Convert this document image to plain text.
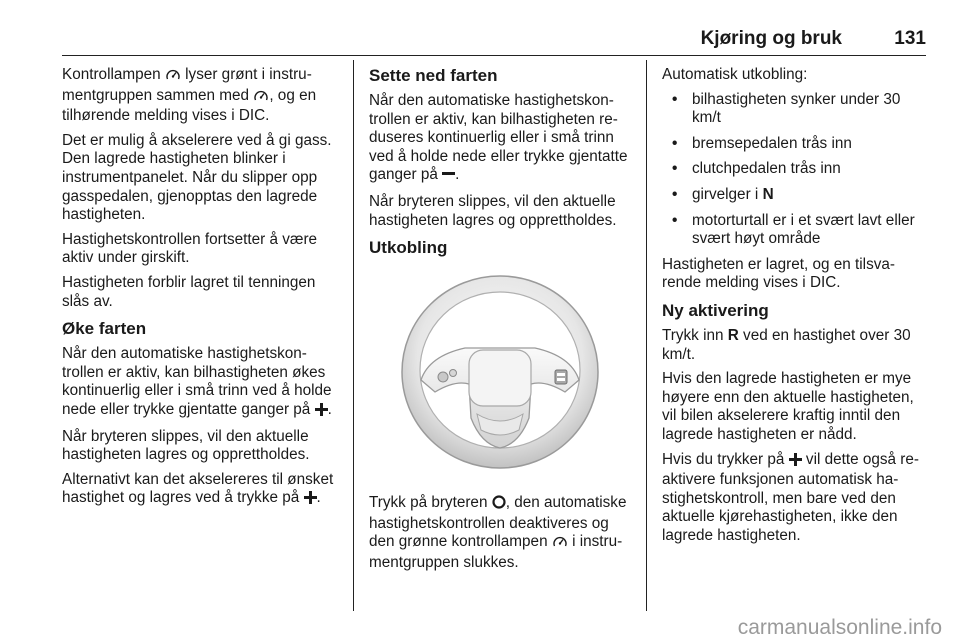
Kjøring og bruk	131

Kontrollampen  lyser grønt i instrumentgruppen sammen med , og en tilhørende melding vises i DIC.

Det er mulig å akselerere ved å gi gass. Den lagrede hastigheten blinker i instrumentpanelet. Når du slipper opp gasspedalen, gjenopptas den lagrede hastigheten.

Hastighetskontrollen fortsetter å være aktiv under girskift.

Hastigheten forblir lagret til tenningen slås av.

Øke farten

Når den automatiske hastighetskontrollen er aktiv, kan bilhastigheten økes kontinuerlig eller i små trinn ved å holde nede eller trykke gjentatte ganger på .

Når bryteren slippes, vil den aktuelle hastigheten lagres og opprettholdes.

Alternativt kan det akselereres til ønsket hastighet og lagres ved å trykke på .

Sette ned farten

Når den automatiske hastighetskontrollen er aktiv, kan bilhastigheten reduseres kontinuerlig eller i små trinn ved å holde nede eller trykke gjentatte ganger på .

Når bryteren slippes, vil den aktuelle hastigheten lagres og opprettholdes.

Utkobling

Trykk på bryteren , den automatiske hastighetskontrollen deaktiveres og den grønne kontrollampen  i instrumentgruppen slukkes.

Automatisk utkobling:

• bilhastigheten synker under 30 km/t
• bremsepedalen trås inn
• clutchpedalen trås inn
• girvelger i N
• motorturtall er i et svært lavt eller svært høyt område

Hastigheten er lagret, og en tilsvarende melding vises i DIC.

Ny aktivering

Trykk inn R ved en hastighet over 30 km/t.

Hvis den lagrede hastigheten er mye høyere enn den aktuelle hastigheten, vil bilen akselerere kraftig inntil den lagrede hastigheten er nådd.

Hvis du trykker på  vil dette også reaktivere funksjonen automatisk hastighetskontroll, men bare ved den aktuelle kjørehastigheten, ikke den lagrede hastigheten.

carmanualsonline.info
